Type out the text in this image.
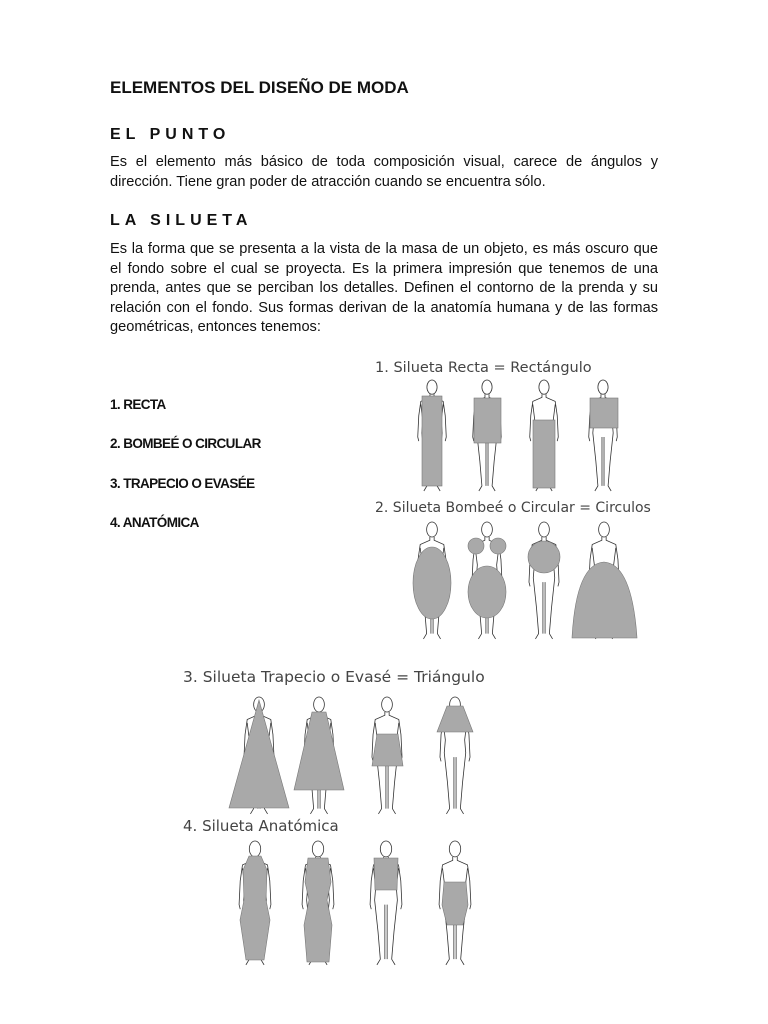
ELEMENTOS DEL DISEÑO DE MODA
EL PUNTO
Es el elemento más básico de toda composición visual, carece de ángulos y dirección. Tiene gran poder de atracción cuando se encuentra sólo.
LA SILUETA
Es la forma que se presenta a la vista de la masa de un objeto, es más oscuro que el fondo sobre el cual se proyecta. Es la primera impresión que tenemos de una prenda, antes que se perciban los detalles. Definen el contorno de la prenda y su relación con el fondo. Sus formas derivan de la anatomía humana y de las formas geométricas, entonces tenemos:
1. RECTA
2. BOMBEÉ O CIRCULAR
3. TRAPECIO O EVASÉE
4. ANATÓMICA
1. Silueta Recta = Rectángulo
2. Silueta Bombeé o Circular = Circulos
3. Silueta Trapecio o Evasé = Triángulo
4. Silueta Anatómica
